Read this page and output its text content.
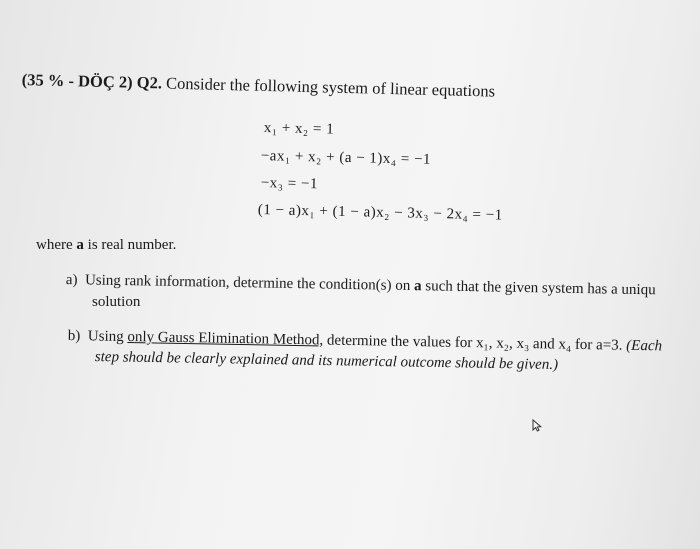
(35 % - DÖÇ 2) Q2. Consider the following system of linear equations
x₁ + x₂ = 1
−ax₁ + x₂ + (a − 1)x₄ = −1
−x₃ = −1
(1 − a)x₁ + (1 − a)x₂ − 3x₃ − 2x₄ = −1
where a is real number.
a) Using rank information, determine the condition(s) on a such that the given system has a uniqu
solution
b) Using only Gauss Elimination Method, determine the values for x₁, x₂, x₃ and x₄ for a=3. (Each
step should be clearly explained and its numerical outcome should be given.)
